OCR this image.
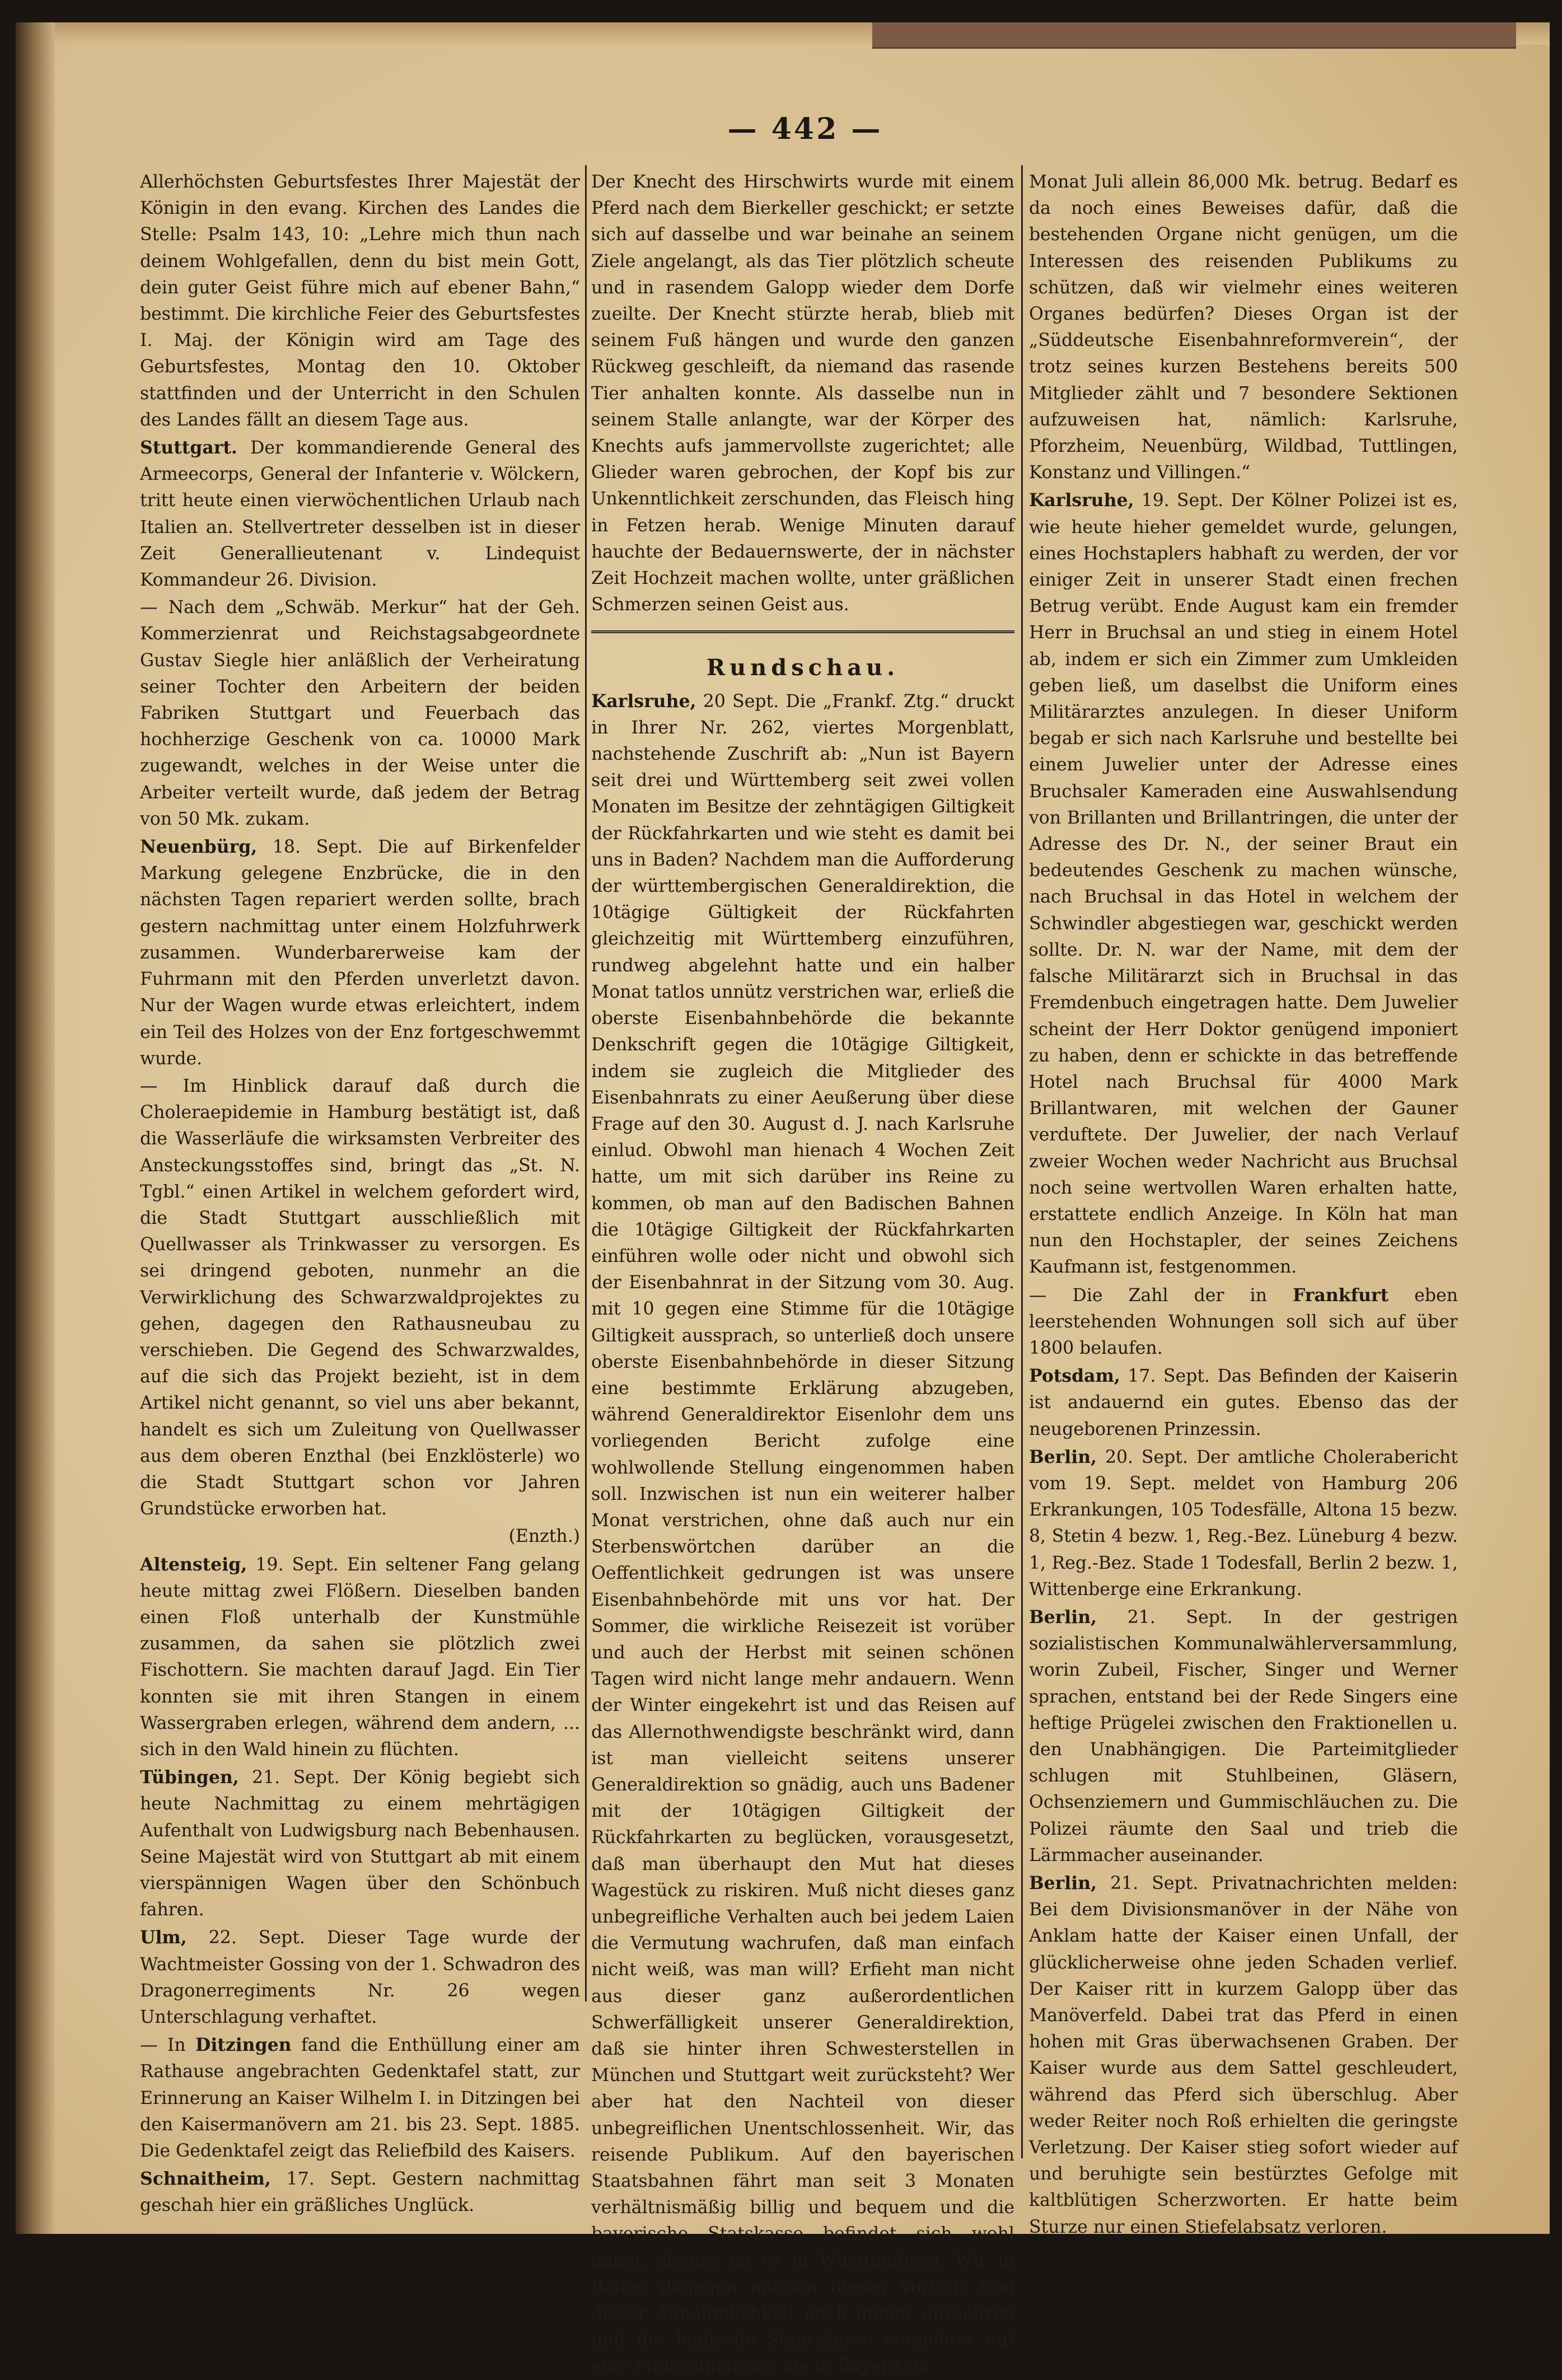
— 442 —

Allerhöchsten Geburtsfestes Ihrer Majestät der Königin in den evang. Kirchen des Landes die Stelle: Psalm 143, 10: „Lehre mich thun nach deinem Wohlgefallen, denn du bist mein Gott, dein guter Geist führe mich auf ebener Bahn,“ bestimmt. Die kirchliche Feier des Geburtsfestes I. Maj. der Königin wird am Tage des Geburtsfestes, Montag den 10. Oktober stattfinden und der Unterricht in den Schulen des Landes fällt an diesem Tage aus.

Stuttgart. Der kommandierende General des Armeecorps, General der Infanterie v. Wölckern, tritt heute einen vierwöchentlichen Urlaub nach Italien an. Stellvertreter desselben ist in dieser Zeit Generallieutenant v. Lindequist Kommandeur 26. Division.

— Nach dem „Schwäb. Merkur“ hat der Geh. Kommerzienrat und Reichstagsabgeordnete Gustav Siegle hier anläßlich der Verheiratung seiner Tochter den Arbeitern der beiden Fabriken Stuttgart und Feuerbach das hochherzige Geschenk von ca. 10000 Mark zugewandt, welches in der Weise unter die Arbeiter verteilt wurde, daß jedem der Betrag von 50 Mk. zukam.

Neuenbürg, 18. Sept. Die auf Birkenfelder Markung gelegene Enzbrücke, die in den nächsten Tagen repariert werden sollte, brach gestern nachmittag unter einem Holzfuhrwerk zusammen. Wunderbarerweise kam der Fuhrmann mit den Pferden unverletzt davon. Nur der Wagen wurde etwas erleichtert, indem ein Teil des Holzes von der Enz fortgeschwemmt wurde.

— Im Hinblick darauf daß durch die Choleraepidemie in Hamburg bestätigt ist, daß die Wasserläufe die wirksamsten Verbreiter des Ansteckungsstoffes sind, bringt das „St. N. Tgbl.“ einen Artikel in welchem gefordert wird, die Stadt Stuttgart ausschließlich mit Quellwasser als Trinkwasser zu versorgen. Es sei dringend geboten, nunmehr an die Verwirklichung des Schwarzwaldprojektes zu gehen, dagegen den Rathausneubau zu verschieben. Die Gegend des Schwarzwaldes, auf die sich das Projekt bezieht, ist in dem Artikel nicht genannt, so viel uns aber bekannt, handelt es sich um Zuleitung von Quellwasser aus dem oberen Enzthal (bei Enzklösterle) wo die Stadt Stuttgart schon vor Jahren Grundstücke erworben hat.

(Enzth.)

Altensteig, 19. Sept. Ein seltener Fang gelang heute mittag zwei Flößern. Dieselben banden einen Floß unterhalb der Kunstmühle zusammen, da sahen sie plötzlich zwei Fischottern. Sie machten darauf Jagd. Ein Tier konnten sie mit ihren Stangen in einem Wassergraben erlegen, während dem andern, ... sich in den Wald hinein zu flüchten.

Tübingen, 21. Sept. Der König begiebt sich heute Nachmittag zu einem mehrtägigen Aufenthalt von Ludwigsburg nach Bebenhausen. Seine Majestät wird von Stuttgart ab mit einem vierspännigen Wagen über den Schönbuch fahren.

Ulm, 22. Sept. Dieser Tage wurde der Wachtmeister Gossing von der 1. Schwadron des Dragonerregiments Nr. 26 wegen Unterschlagung verhaftet.

— In Ditzingen fand die Enthüllung einer am Rathause angebrachten Gedenktafel statt, zur Erinnerung an Kaiser Wilhelm I. in Ditzingen bei den Kaisermanövern am 21. bis 23. Sept. 1885. Die Gedenktafel zeigt das Reliefbild des Kaisers.

Schnaitheim, 17. Sept. Gestern nachmittag geschah hier ein gräßliches Unglück.

Der Knecht des Hirschwirts wurde mit einem Pferd nach dem Bierkeller geschickt; er setzte sich auf dasselbe und war beinahe an seinem Ziele angelangt, als das Tier plötzlich scheute und in rasendem Galopp wieder dem Dorfe zueilte. Der Knecht stürzte herab, blieb mit seinem Fuß hängen und wurde den ganzen Rückweg geschleift, da niemand das rasende Tier anhalten konnte. Als dasselbe nun in seinem Stalle anlangte, war der Körper des Knechts aufs jammervollste zugerichtet; alle Glieder waren gebrochen, der Kopf bis zur Unkenntlichkeit zerschunden, das Fleisch hing in Fetzen herab. Wenige Minuten darauf hauchte der Bedauernswerte, der in nächster Zeit Hochzeit machen wollte, unter gräßlichen Schmerzen seinen Geist aus.

Rundschau.

Karlsruhe, 20 Sept. Die „Frankf. Ztg.“ druckt in Ihrer Nr. 262, viertes Morgenblatt, nachstehende Zuschrift ab: „Nun ist Bayern seit drei und Württemberg seit zwei vollen Monaten im Besitze der zehntägigen Giltigkeit der Rückfahrkarten und wie steht es damit bei uns in Baden? Nachdem man die Aufforderung der württembergischen Generaldirektion, die 10tägige Gültigkeit der Rückfahrten gleichzeitig mit Württemberg einzuführen, rundweg abgelehnt hatte und ein halber Monat tatlos unnütz verstrichen war, erließ die oberste Eisenbahnbehörde die bekannte Denkschrift gegen die 10tägige Giltigkeit, indem sie zugleich die Mitglieder des Eisenbahnrats zu einer Aeußerung über diese Frage auf den 30. August d. J. nach Karlsruhe einlud. Obwohl man hienach 4 Wochen Zeit hatte, um mit sich darüber ins Reine zu kommen, ob man auf den Badischen Bahnen die 10tägige Giltigkeit der Rückfahrkarten einführen wolle oder nicht und obwohl sich der Eisenbahnrat in der Sitzung vom 30. Aug. mit 10 gegen eine Stimme für die 10tägige Giltigkeit aussprach, so unterließ doch unsere oberste Eisenbahnbehörde in dieser Sitzung eine bestimmte Erklärung abzugeben, während Generaldirektor Eisenlohr dem uns vorliegenden Bericht zufolge eine wohlwollende Stellung eingenommen haben soll. Inzwischen ist nun ein weiterer halber Monat verstrichen, ohne daß auch nur ein Sterbenswörtchen darüber an die Oeffentlichkeit gedrungen ist was unsere Eisenbahnbehörde mit uns vor hat. Der Sommer, die wirkliche Reisezeit ist vorüber und auch der Herbst mit seinen schönen Tagen wird nicht lange mehr andauern. Wenn der Winter eingekehrt ist und das Reisen auf das Allernothwendigste beschränkt wird, dann ist man vielleicht seitens unserer Generaldirektion so gnädig, auch uns Badener mit der 10tägigen Giltigkeit der Rückfahrkarten zu beglücken, vorausgesetzt, daß man überhaupt den Mut hat dieses Wagestück zu riskiren. Muß nicht dieses ganz unbegreifliche Verhalten auch bei jedem Laien die Vermutung wachrufen, daß man einfach nicht weiß, was man will? Erfieht man nicht aus dieser ganz außerordentlichen Schwerfälligkeit unserer Generaldirektion, daß sie hinter ihren Schwesterstellen in München und Stuttgart weit zurücksteht? Wer aber hat den Nachteil von dieser unbegreiflichen Unentschlossenheit. Wir, das reisende Publikum. Auf den bayerischen Staatsbahnen fährt man seit 3 Monaten verhältnismäßig billig und bequem und die bayerische Statskasse befindet sich wohl dabei, ebenso ist es in Württemberg. Wir in Baden dagegen müssen dieses Vorteils und dieser Annehmlichkeit noch immer entbehren und die badische Staatskasse verzichtet auf eine Mehreinnahme, die in Bayern im

Monat Juli allein 86,000 Mk. betrug. Bedarf es da noch eines Beweises dafür, daß die bestehenden Organe nicht genügen, um die Interessen des reisenden Publikums zu schützen, daß wir vielmehr eines weiteren Organes bedürfen? Dieses Organ ist der „Süddeutsche Eisenbahnreformverein“, der trotz seines kurzen Bestehens bereits 500 Mitglieder zählt und 7 besondere Sektionen aufzuweisen hat, nämlich: Karlsruhe, Pforzheim, Neuenbürg, Wildbad, Tuttlingen, Konstanz und Villingen.“

Karlsruhe, 19. Sept. Der Kölner Polizei ist es, wie heute hieher gemeldet wurde, gelungen, eines Hochstaplers habhaft zu werden, der vor einiger Zeit in unserer Stadt einen frechen Betrug verübt. Ende August kam ein fremder Herr in Bruchsal an und stieg in einem Hotel ab, indem er sich ein Zimmer zum Umkleiden geben ließ, um daselbst die Uniform eines Militärarztes anzulegen. In dieser Uniform begab er sich nach Karlsruhe und bestellte bei einem Juwelier unter der Adresse eines Bruchsaler Kameraden eine Auswahlsendung von Brillanten und Brillantringen, die unter der Adresse des Dr. N., der seiner Braut ein bedeutendes Geschenk zu machen wünsche, nach Bruchsal in das Hotel in welchem der Schwindler abgestiegen war, geschickt werden sollte. Dr. N. war der Name, mit dem der falsche Militärarzt sich in Bruchsal in das Fremdenbuch eingetragen hatte. Dem Juwelier scheint der Herr Doktor genügend imponiert zu haben, denn er schickte in das betreffende Hotel nach Bruchsal für 4000 Mark Brillantwaren, mit welchen der Gauner verduftete. Der Juwelier, der nach Verlauf zweier Wochen weder Nachricht aus Bruchsal noch seine wertvollen Waren erhalten hatte, erstattete endlich Anzeige. In Köln hat man nun den Hochstapler, der seines Zeichens Kaufmann ist, festgenommen.

— Die Zahl der in Frankfurt eben leerstehenden Wohnungen soll sich auf über 1800 belaufen.

Potsdam, 17. Sept. Das Befinden der Kaiserin ist andauernd ein gutes. Ebenso das der neugeborenen Prinzessin.

Berlin, 20. Sept. Der amtliche Cholerabericht vom 19. Sept. meldet von Hamburg 206 Erkrankungen, 105 Todesfälle, Altona 15 bezw. 8, Stetin 4 bezw. 1, Reg.-Bez. Lüneburg 4 bezw. 1, Reg.-Bez. Stade 1 Todesfall, Berlin 2 bezw. 1, Wittenberge eine Erkrankung.

Berlin, 21. Sept. In der gestrigen sozialistischen Kommunalwählerversammlung, worin Zubeil, Fischer, Singer und Werner sprachen, entstand bei der Rede Singers eine heftige Prügelei zwischen den Fraktionellen u. den Unabhängigen. Die Parteimitglieder schlugen mit Stuhlbeinen, Gläsern, Ochsenziemern und Gummischläuchen zu. Die Polizei räumte den Saal und trieb die Lärmmacher auseinander.

Berlin, 21. Sept. Privatnachrichten melden: Bei dem Divisionsmanöver in der Nähe von Anklam hatte der Kaiser einen Unfall, der glücklicherweise ohne jeden Schaden verlief. Der Kaiser ritt in kurzem Galopp über das Manöverfeld. Dabei trat das Pferd in einen hohen mit Gras überwachsenen Graben. Der Kaiser wurde aus dem Sattel geschleudert, während das Pferd sich überschlug. Aber weder Reiter noch Roß erhielten die geringste Verletzung. Der Kaiser stieg sofort wieder auf und beruhigte sein bestürztes Gefolge mit kaltblütigen Scherzworten. Er hatte beim Sturze nur einen Stiefelabsatz verloren.
